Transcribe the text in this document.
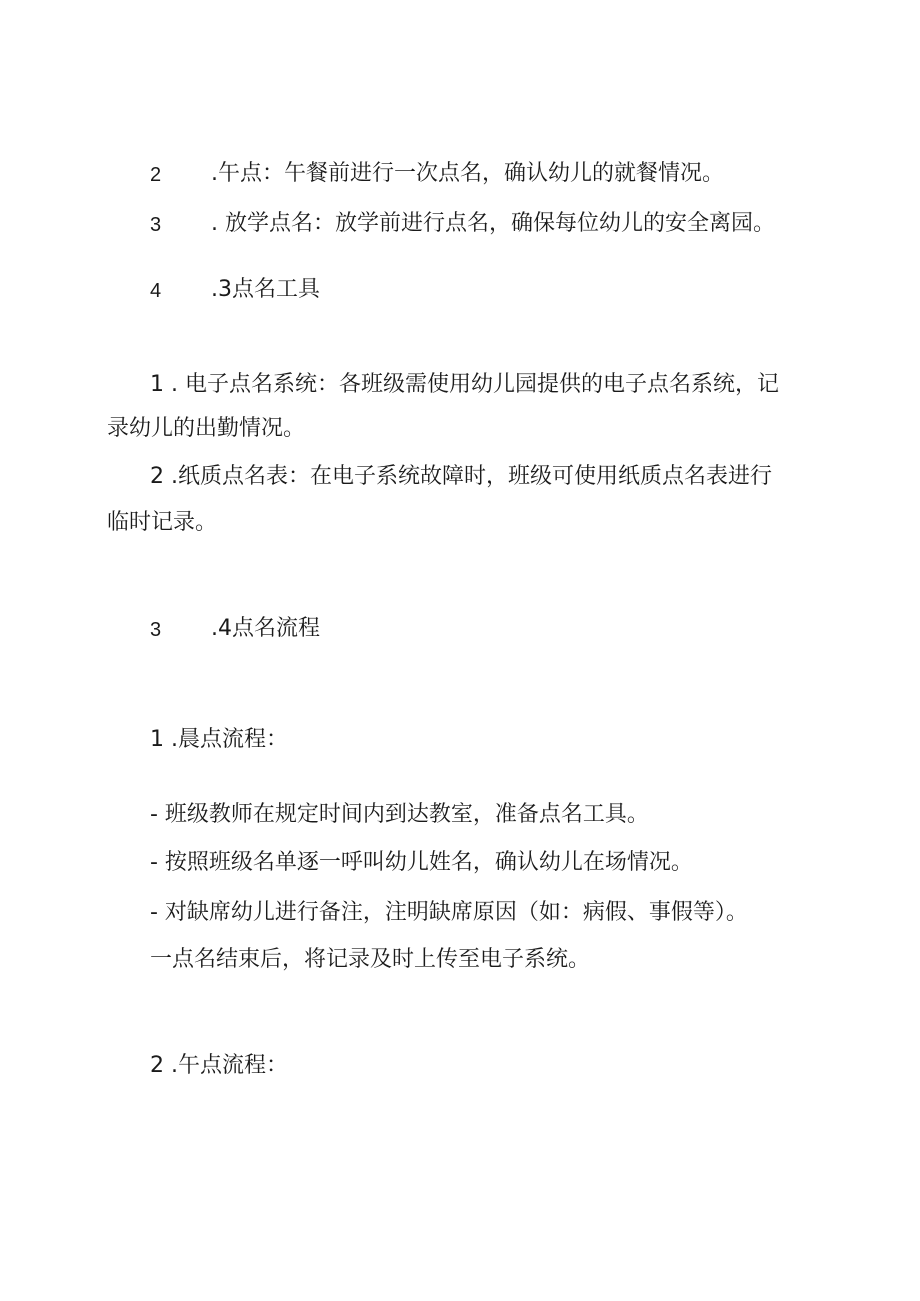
2 .午点：午餐前进行一次点名，确认幼儿的就餐情况。
3 . 放学点名：放学前进行点名，确保每位幼儿的安全离园。
4 .3点名工具
1 . 电子点名系统：各班级需使用幼儿园提供的电子点名系统，记
录幼儿的出勤情况。
2 .纸质点名表：在电子系统故障时，班级可使用纸质点名表进行
临时记录。
3 .4点名流程
1 .晨点流程：
- 班级教师在规定时间内到达教室，准备点名工具。
- 按照班级名单逐一呼叫幼儿姓名，确认幼儿在场情况。
- 对缺席幼儿进行备注，注明缺席原因（如：病假、事假等）。
一点名结束后，将记录及时上传至电子系统。
2 .午点流程：
